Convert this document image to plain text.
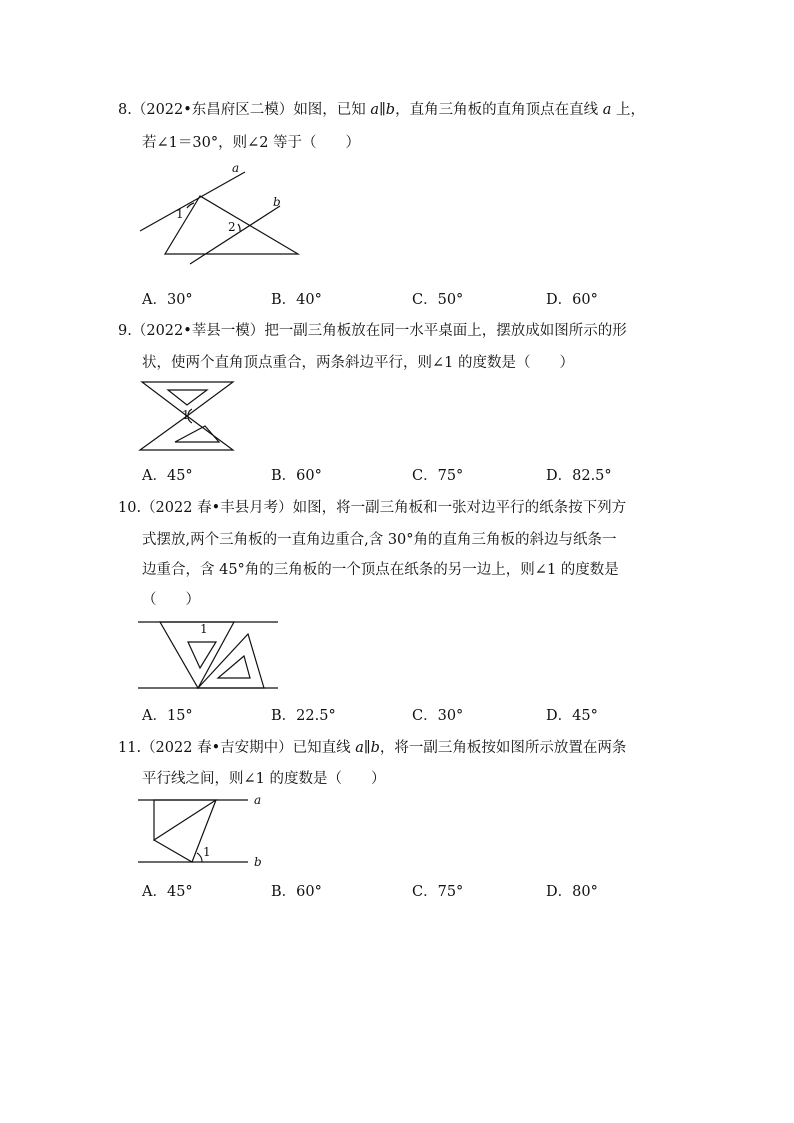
8.（2022•东昌府区二模）如图，已知 a∥b，直角三角板的直角顶点在直线 a 上，
若∠1＝30°，则∠2 等于（　　）
a
b
1
2
A．30°	B．40°	C．50°	D．60°
9.（2022•莘县一模）把一副三角板放在同一水平桌面上，摆放成如图所示的形
状，使两个直角顶点重合，两条斜边平行，则∠1 的度数是（　　）
1
A．45°	B．60°	C．75°	D．82.5°
10.（2022 春•丰县月考）如图，将一副三角板和一张对边平行的纸条按下列方
式摆放,两个三角板的一直角边重合,含 30°角的直角三角板的斜边与纸条一
边重合，含 45°角的三角板的一个顶点在纸条的另一边上，则∠1 的度数是
（　　）
1
A．15°	B．22.5°	C．30°	D．45°
11.（2022 春•吉安期中）已知直线 a∥b，将一副三角板按如图所示放置在两条
平行线之间，则∠1 的度数是（　　）
a
b
1
A．45°	B．60°	C．75°	D．80°
